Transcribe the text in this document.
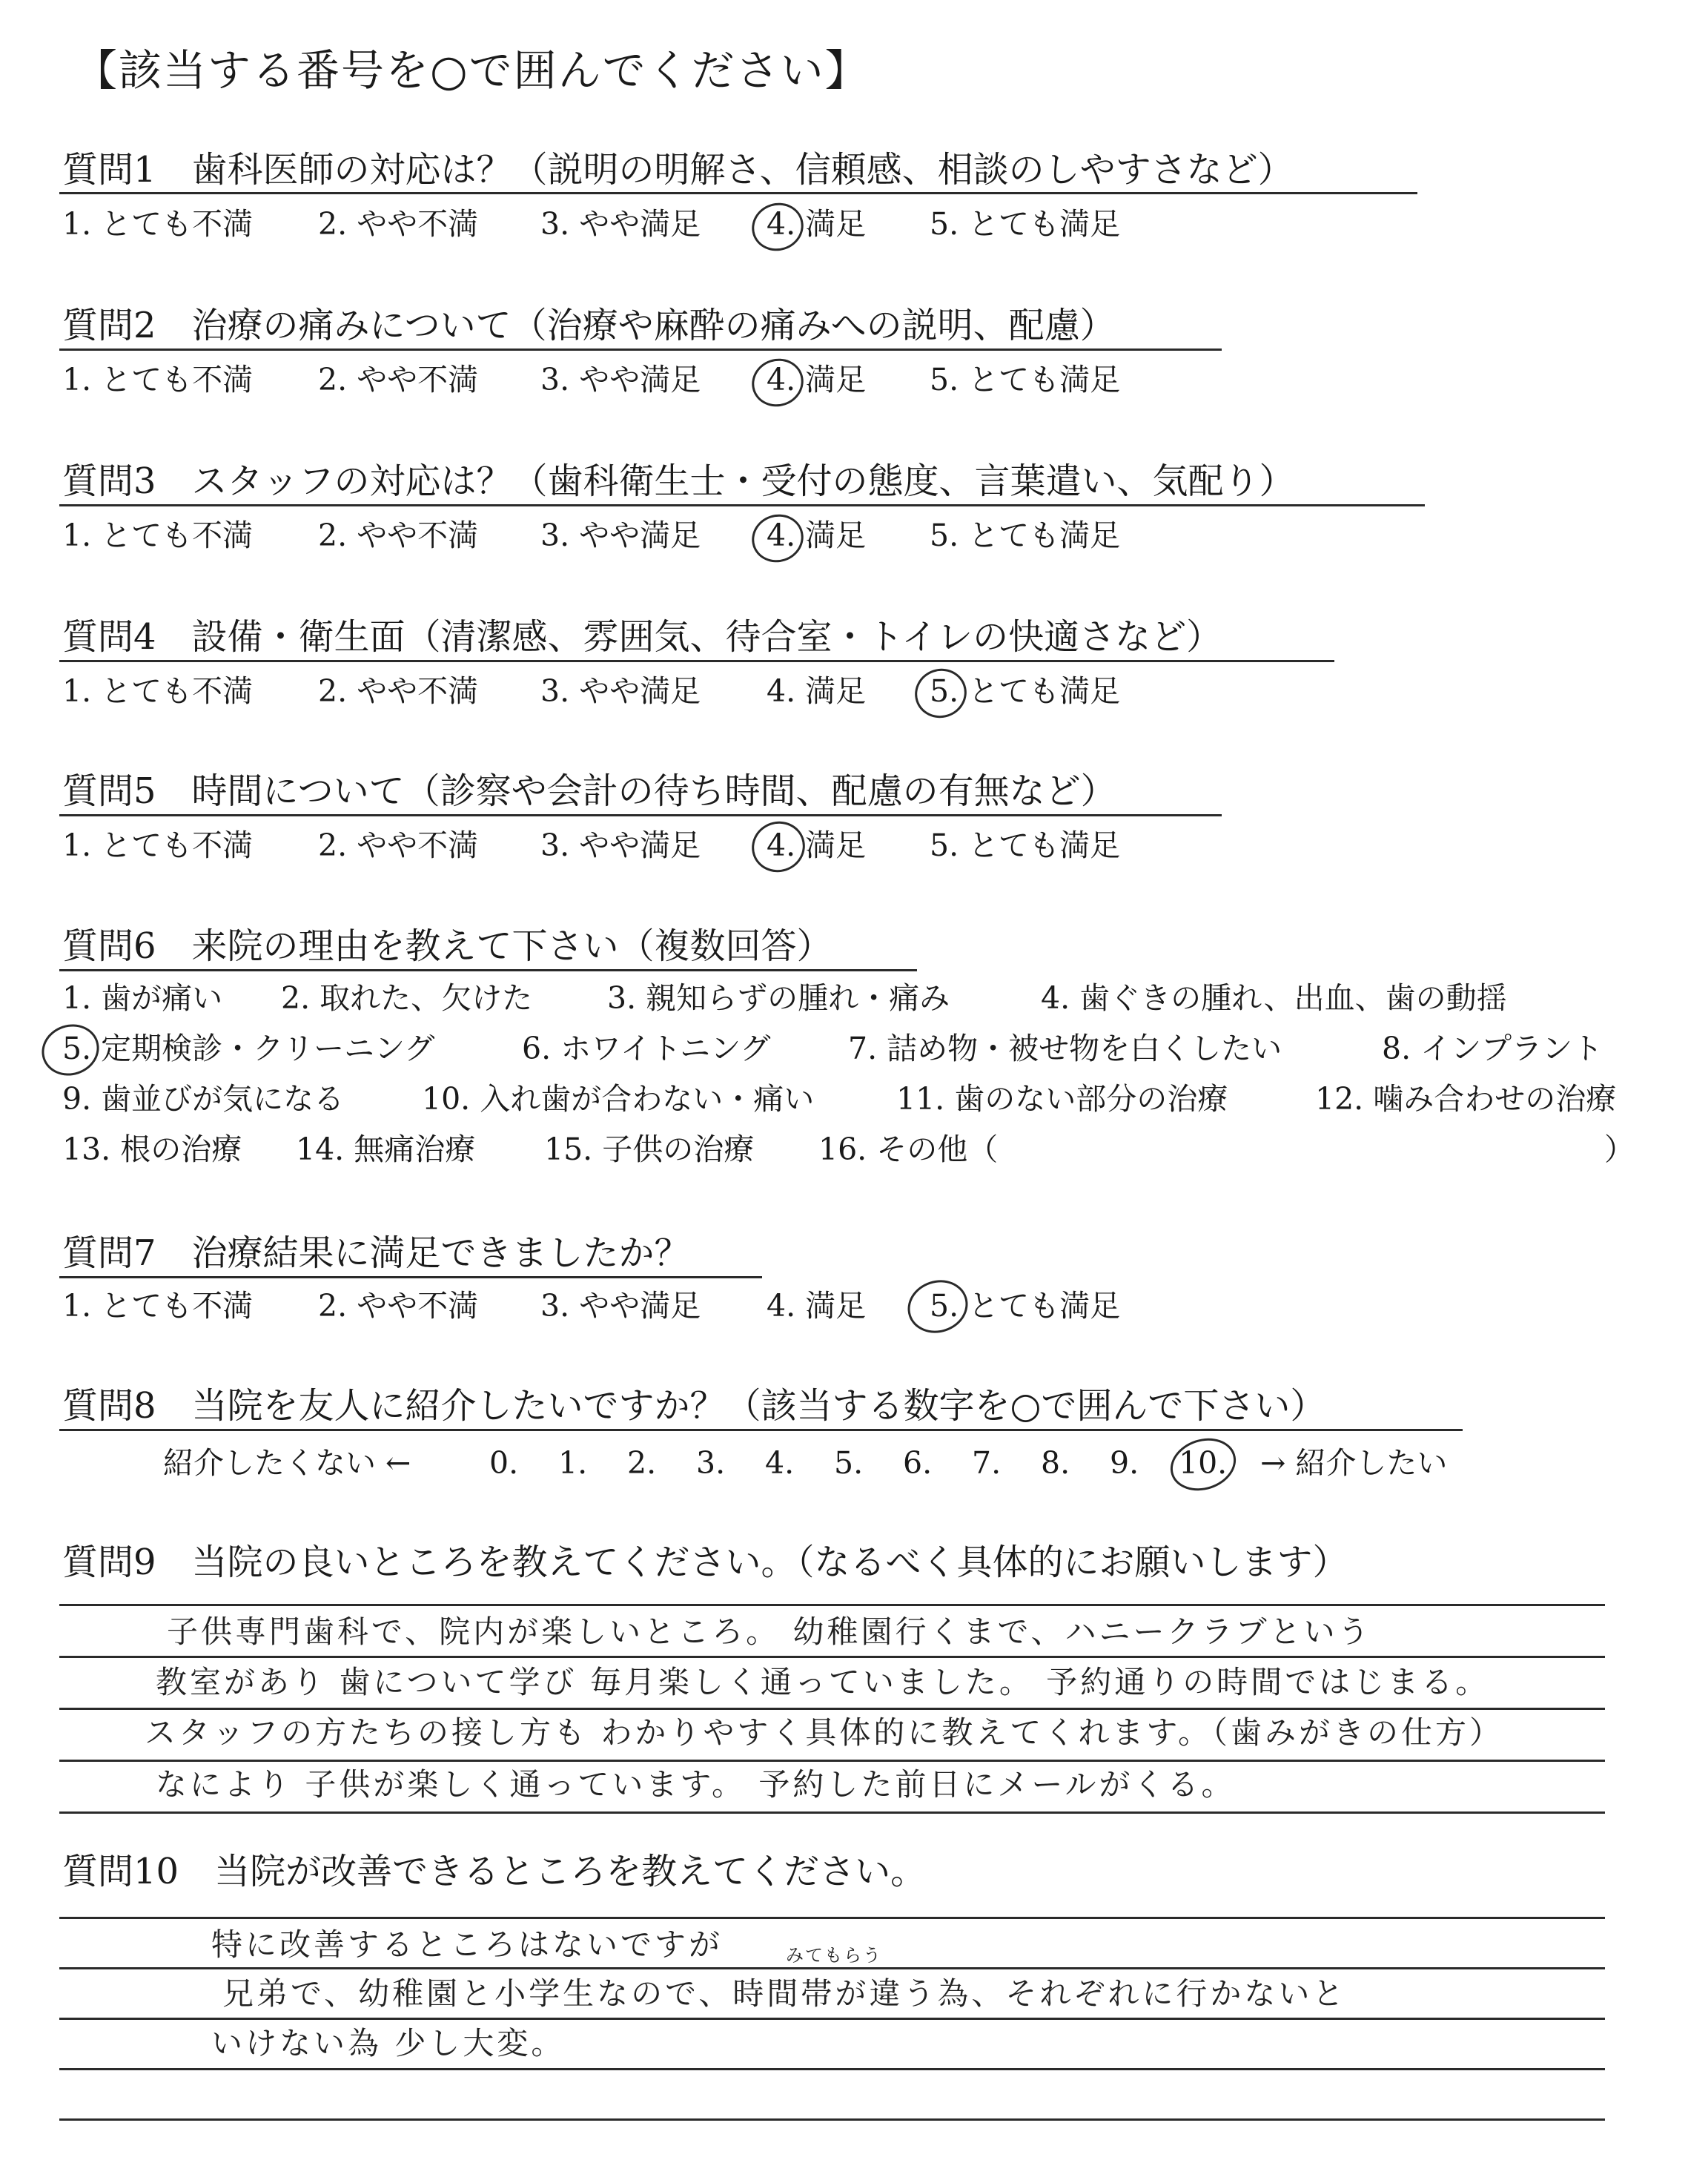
【該当する番号を○で囲んでください】
質問1　歯科医師の対応は？（説明の明解さ、信頼感、相談のしやすさなど）
1. とても不満 2. やや不満 3. やや満足 4. 満足 5. とても満足
質問2　治療の痛みについて（治療や麻酔の痛みへの説明、配慮）
1. とても不満 2. やや不満 3. やや満足 4. 満足 5. とても満足
質問3　スタッフの対応は？（歯科衛生士・受付の態度、言葉遣い、気配り）
1. とても不満 2. やや不満 3. やや満足 4. 満足 5. とても満足
質問4　設備・衛生面（清潔感、雰囲気、待合室・トイレの快適さなど）
1. とても不満 2. やや不満 3. やや満足 4. 満足 5. とても満足
質問5　時間について（診察や会計の待ち時間、配慮の有無など）
1. とても不満 2. やや不満 3. やや満足 4. 満足 5. とても満足
質問6　来院の理由を教えて下さい（複数回答）
1. 歯が痛い 2. 取れた、欠けた 3. 親知らずの腫れ・痛み	4. 歯ぐきの腫れ、出血、歯の動揺
5. 定期検診・クリーニング	6. ホワイトニング	7. 詰め物・被せ物を白くしたい	8. インプラント
9. 歯並びが気になる	10. 入れ歯が合わない・痛い	11. 歯のない部分の治療	12. 噛み合わせの治療
13. 根の治療 14. 無痛治療 15. 子供の治療 16. その他（	）
質問7　治療結果に満足できましたか？
1. とても不満 2. やや不満 3. やや満足 4. 満足 5. とても満足
質問8　当院を友人に紹介したいですか？（該当する数字を○で囲んで下さい）
紹介したくない ←	0. 1. 2. 3. 4. 5. 6. 7. 8. 9. 10. → 紹介したい
質問9　当院の良いところを教えてください。（なるべく具体的にお願いします）
子供専門歯科で、院内が楽しいところ。 幼稚園行くまで、ハニークラブという
教室があり 歯について学び 毎月楽しく通っていました。 予約通りの時間ではじまる。
スタッフの方たちの接し方も わかりやすく具体的に教えてくれます。（歯みがきの仕方）
なにより 子供が楽しく通っています。 予約した前日にメールがくる。
質問10　当院が改善できるところを教えてください。
特に改善するところはないですが	みてもらう
兄弟で、幼稚園と小学生なので、時間帯が違う為、それぞれに行かないと
いけない為 少し大変。
